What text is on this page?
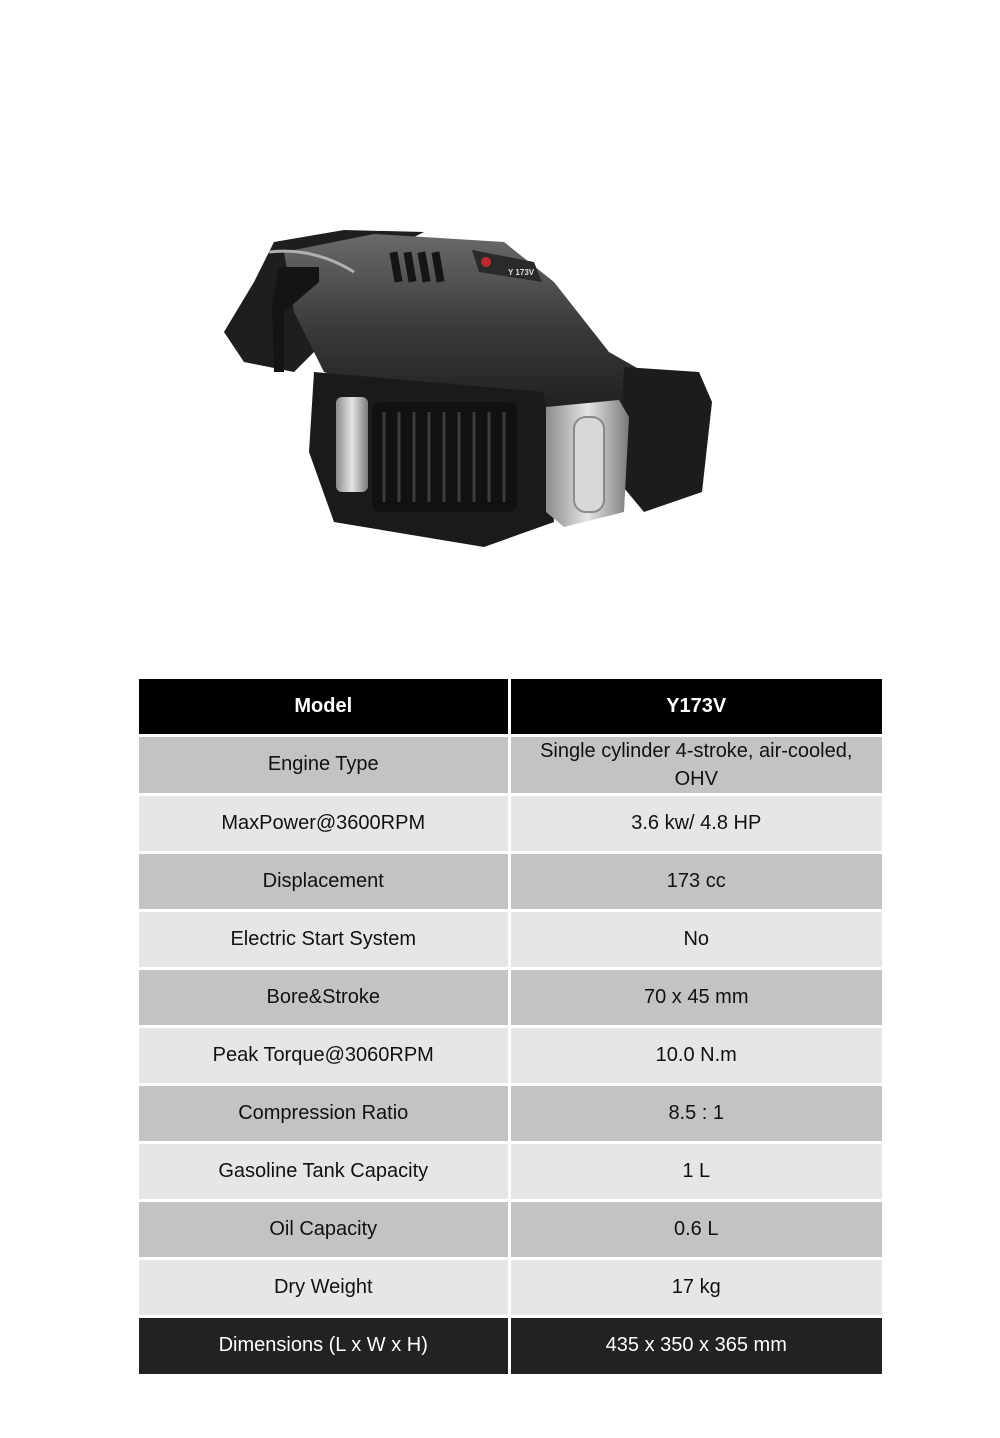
Y 173V
Model	Y173V
Engine Type	Single cylinder 4-stroke, air-cooled, OHV
MaxPower@3600RPM	3.6 kw/ 4.8 HP
Displacement	173 cc
Electric Start System	No
Bore&Stroke	70 x 45 mm
Peak Torque@3060RPM	10.0 N.m
Compression Ratio	8.5 : 1
Gasoline Tank Capacity	1 L
Oil Capacity	0.6 L
Dry Weight	17 kg
Dimensions (L x W x H)	435 x 350 x 365 mm
